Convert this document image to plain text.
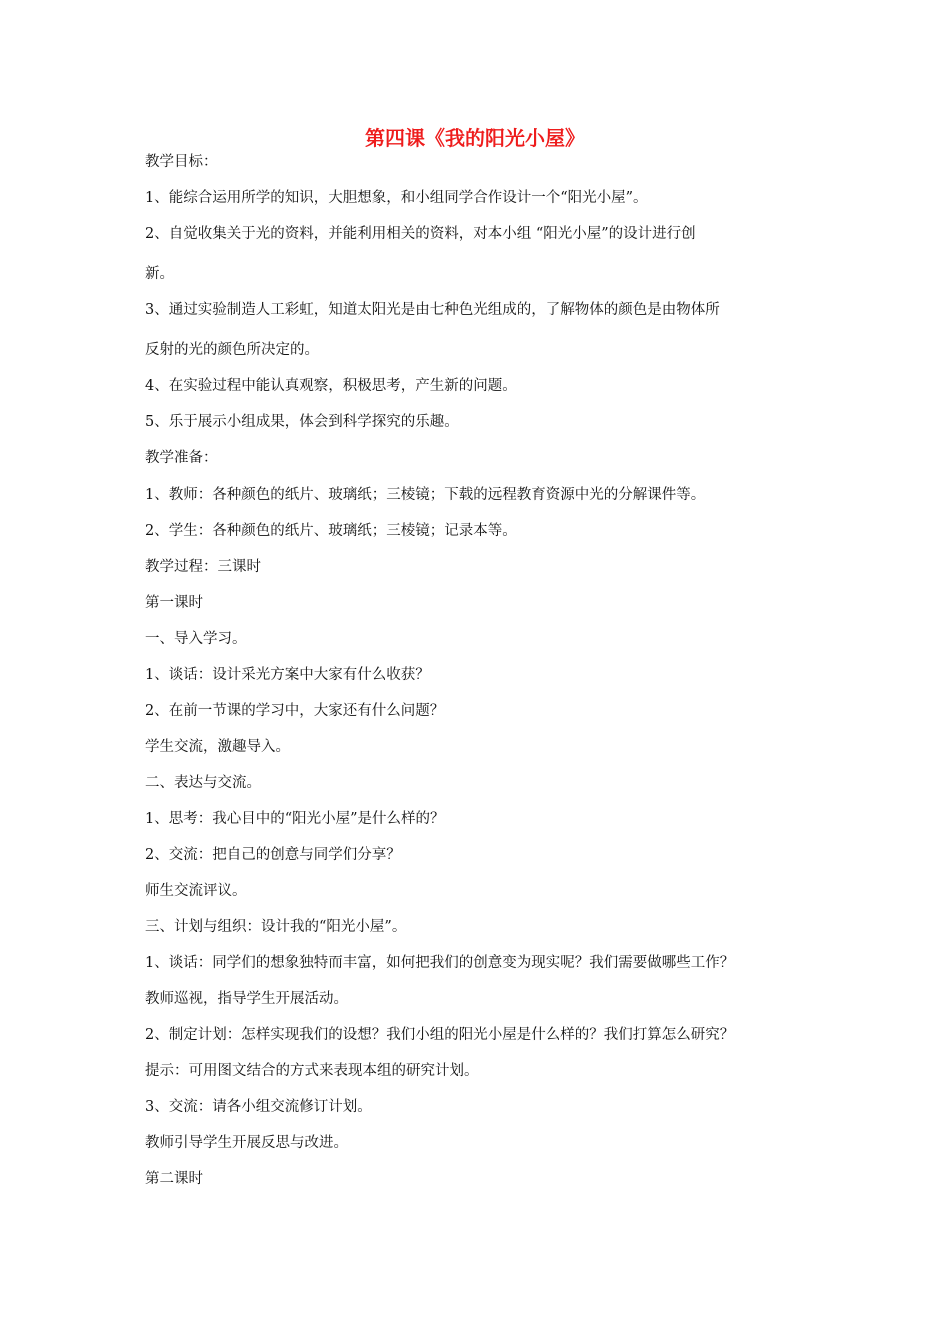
第四课《我的阳光小屋》
教学目标：
1、能综合运用所学的知识，大胆想象，和小组同学合作设计一个“阳光小屋”。
2、自觉收集关于光的资料，并能利用相关的资料，对本小组 “阳光小屋”的设计进行创
新。
3、通过实验制造人工彩虹，知道太阳光是由七种色光组成的，了解物体的颜色是由物体所
反射的光的颜色所决定的。
4、在实验过程中能认真观察，积极思考，产生新的问题。
5、乐于展示小组成果，体会到科学探究的乐趣。
教学准备：
1、教师：各种颜色的纸片、玻璃纸；三棱镜；下载的远程教育资源中光的分解课件等。
2、学生：各种颜色的纸片、玻璃纸；三棱镜；记录本等。
教学过程：三课时
第一课时
一、导入学习。
1、谈话：设计采光方案中大家有什么收获？
2、在前一节课的学习中，大家还有什么问题？
学生交流，激趣导入。
二、表达与交流。
1、思考：我心目中的“阳光小屋”是什么样的？
2、交流：把自己的创意与同学们分享？
师生交流评议。
三、计划与组织：设计我的“阳光小屋”。
1、谈话：同学们的想象独特而丰富，如何把我们的创意变为现实呢？我们需要做哪些工作？
教师巡视，指导学生开展活动。
2、制定计划：怎样实现我们的设想？我们小组的阳光小屋是什么样的？我们打算怎么研究？
提示：可用图文结合的方式来表现本组的研究计划。
3、交流：请各小组交流修订计划。
教师引导学生开展反思与改进。
第二课时
